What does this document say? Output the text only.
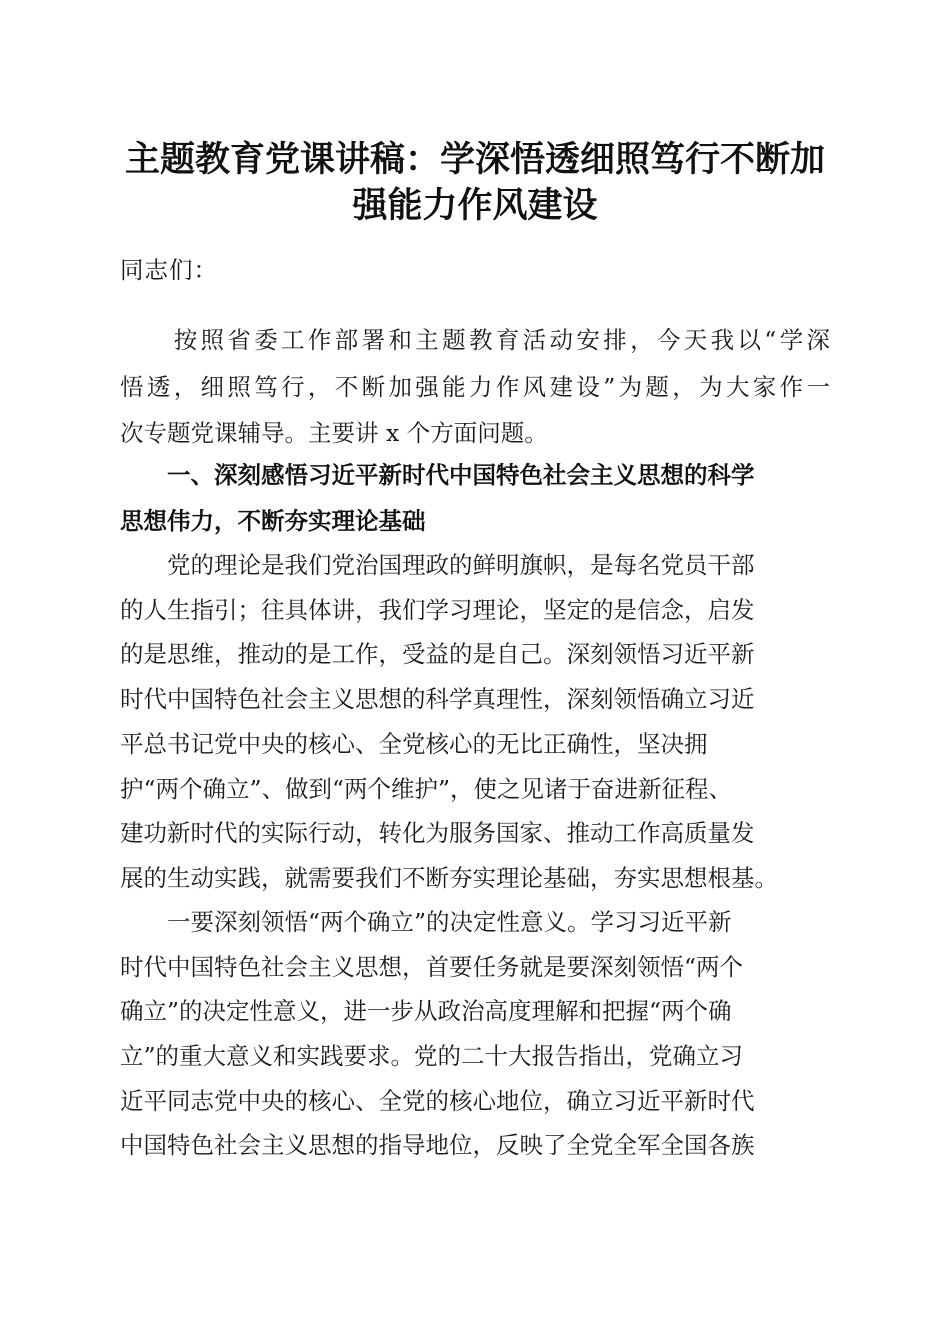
主题教育党课讲稿：学深悟透细照笃行不断加
强能力作风建设
同志们：
　　按照省委工作部署和主题教育活动安排，今天我以“学深
悟透，细照笃行，不断加强能力作风建设”为题，为大家作一
次专题党课辅导。主要讲 x 个方面问题。
　　一、深刻感悟习近平新时代中国特色社会主义思想的科学
思想伟力，不断夯实理论基础
　　党的理论是我们党治国理政的鲜明旗帜，是每名党员干部
的人生指引；往具体讲，我们学习理论，坚定的是信念，启发
的是思维，推动的是工作，受益的是自己。深刻领悟习近平新
时代中国特色社会主义思想的科学真理性，深刻领悟确立习近
平总书记党中央的核心、全党核心的无比正确性，坚决拥
护“两个确立”、做到“两个维护”，使之见诸于奋进新征程、
建功新时代的实际行动，转化为服务国家、推动工作高质量发
展的生动实践，就需要我们不断夯实理论基础，夯实思想根基。
　　一要深刻领悟“两个确立”的决定性意义。学习习近平新
时代中国特色社会主义思想，首要任务就是要深刻领悟“两个
确立”的决定性意义，进一步从政治高度理解和把握“两个确
立”的重大意义和实践要求。党的二十大报告指出，党确立习
近平同志党中央的核心、全党的核心地位，确立习近平新时代
中国特色社会主义思想的指导地位，反映了全党全军全国各族
